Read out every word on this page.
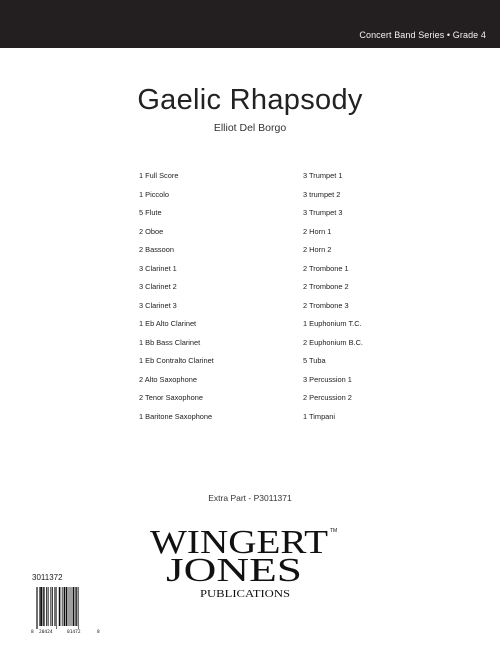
Concert Band Series • Grade 4
Gaelic Rhapsody
Elliot Del Borgo
1 Full Score
1 Piccolo
5 Flute
2 Oboe
2 Bassoon
3 Clarinet 1
3 Clarinet 2
3 Clarinet 3
1 Eb Alto Clarinet
1 Bb Bass Clarinet
1 Eb Contralto Clarinet
2 Alto Saxophone
2 Tenor Saxophone
1 Baritone Saxophone
3 Trumpet 1
3 trumpet 2
3 Trumpet 3
2 Horn 1
2 Horn 2
2 Trombone 1
2 Trombone 2
2 Trombone 3
1 Euphonium T.C.
2 Euphonium B.C.
5 Tuba
3 Percussion 1
2 Percussion 2
1 Timpani
Extra Part - P3011371
WINGERT TM
JONES
PUBLICATIONS
3011372
8 20424	01472	8
